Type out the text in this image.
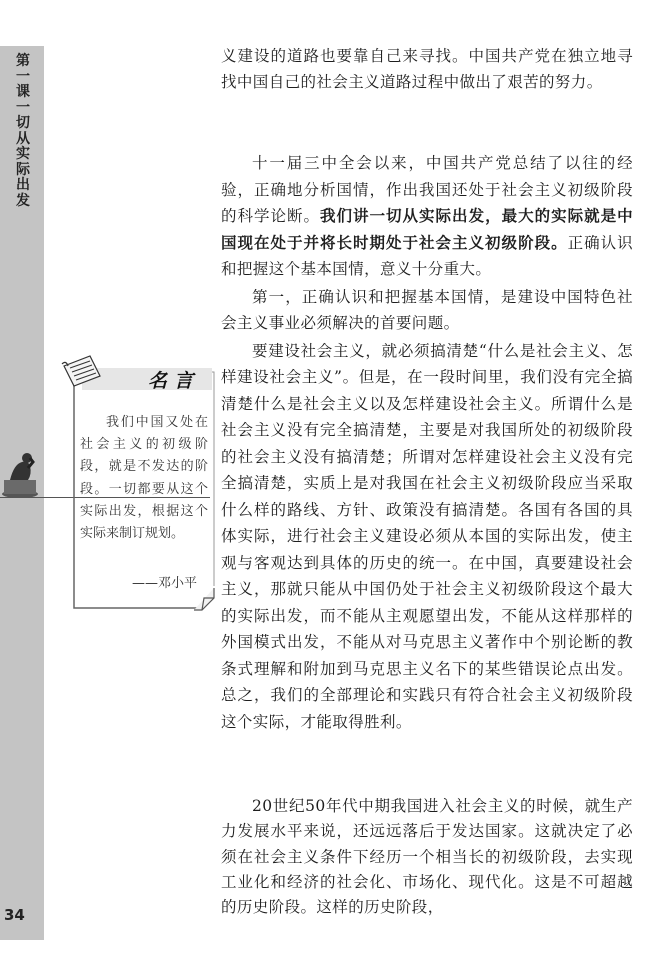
第一课 一切从实际出发
34

义建设的道路也要靠自己来寻找。中国共产党在独立地寻找中国自己的社会主义道路过程中做出了艰苦的努力。

十一届三中全会以来，中国共产党总结了以往的经验，正确地分析国情，作出我国还处于社会主义初级阶段的科学论断。我们讲一切从实际出发，最大的实际就是中国现在处于并将长时期处于社会主义初级阶段。正确认识和把握这个基本国情，意义十分重大。

第一，正确认识和把握基本国情，是建设中国特色社会主义事业必须解决的首要问题。

要建设社会主义，就必须搞清楚“什么是社会主义、怎样建设社会主义”。但是，在一段时间里，我们没有完全搞清楚什么是社会主义以及怎样建设社会主义。所谓什么是社会主义没有完全搞清楚，主要是对我国所处的初级阶段的社会主义没有搞清楚；所谓对怎样建设社会主义没有完全搞清楚，实质上是对我国在社会主义初级阶段应当采取什么样的路线、方针、政策没有搞清楚。各国有各国的具体实际，进行社会主义建设必须从本国的实际出发，使主观与客观达到具体的历史的统一。在中国，真要建设社会主义，那就只能从中国仍处于社会主义初级阶段这个最大的实际出发，而不能从主观愿望出发，不能从这样那样的外国模式出发，不能从对马克思主义著作中个别论断的教条式理解和附加到马克思主义名下的某些错误论点出发。总之，我们的全部理论和实践只有符合社会主义初级阶段这个实际，才能取得胜利。

20世纪50年代中期我国进入社会主义的时候，就生产力发展水平来说，还远远落后于发达国家。这就决定了必须在社会主义条件下经历一个相当长的初级阶段，去实现工业化和经济的社会化、市场化、现代化。这是不可超越的历史阶段。这样的历史阶段，

名言
我们中国又处在社会主义的初级阶段，就是不发达的阶段。一切都要从这个实际出发，根据这个实际来制订规划。
——邓小平
